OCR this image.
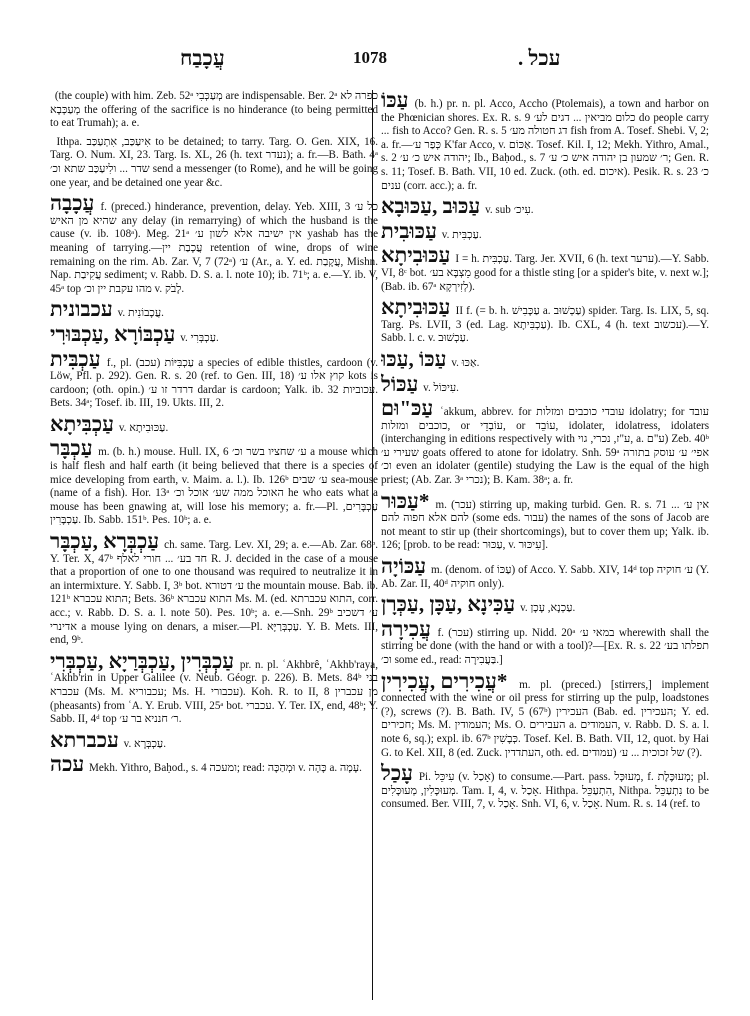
עֲכָבַח	1078	עכל .

(the couple) with him. Zeb. 52ᵃ מְעַכְּבִי are indispensable. Ber. 2ᵃ כפרה לא מְעַכְּבָא the offering of the sacrifice is no hinderance (to being permitted to eat Trumah); a. e.

Ithpa. אִיעַכַּב, אִתְעַכַּב to be detained; to tarry. Targ. O. Gen. XIX, 16. Targ. O. Num. XI, 23. Targ. Is. XL, 26 (h. text נעדר); a. fr.—B. Bath. 4ᵃ שדר ... ולִיעַכַּב שתא וכ׳ send a messenger (to Rome), and he will be going one year, and be detained one year &c.

עֲכָבָה f. (preced.) hinderance, prevention, delay. Yeb. XIII, 3 כל ע׳ שהיא מן האיש any delay (in remarrying) of which the husband is the cause (v. ib. 108ᵃ). Meg. 21ᵃ אין ישיבה אלא לשון ע׳ yashab has the meaning of tarrying.—עֲכָבַת יין retention of wine, drops of wine remaining on the rim. Ab. Zar. V, 7 (72ᵃ) ע׳ (Ar., a. Y. ed. עֲקָבַת, Mishn. Nap. עֲקִיבַת sediment; v. Rabb. D. S. a. l. note 10); ib. 71ᵇ; a. e.—Y. ib. V, 45ᵃ top מהו עקבת יין וכ׳ v. לָבֹק.

עכבונית v. עֲכָבוֹנִית.

עַכְבּוֹרָא ,עַכְבּוּרִי v. עַכְבְּרִי.

עַכְבִּית f., pl. עַכְבִּיּוֹת (עכב) a species of edible thistles, cardoon (v. Löw, Pfl. p. 292). Gen. R. s. 20 (ref. to Gen. III, 18) קוץ אלו ע׳ kots is cardoon; (oth. opin.) דרדר זו ע׳ dardar is cardoon; Yalk. ib. 32 עכוביות. Bets. 34ᵃ; Tosef. ib. III, 19. Ukts. III, 2.

עַכְבִּיתָא v. עַכּוּבִיתָא.

עַכְבָּר m. (b. h.) mouse. Hull. IX, 6 ע׳ שחציו בשר וכ׳ a mouse which is half flesh and half earth (it being believed that there is a species of mice developing from earth, v. Maim. a. l.). Ib. 126ᵇ ע׳ שבים sea-mouse (name of a fish). Hor. 13ᵃ האוכל ממה שע׳ אוכל וכ׳ he who eats what a mouse has been gnawing at, will lose his memory; a. fr.—Pl. עַכְבָּרִים, עַכְבָּרִין. Ib. Sabb. 151ᵇ. Pes. 10ᵇ; a. e.

עַכְבְּרָא ,עַכְבָּר ch. same. Targ. Lev. XI, 29; a. e.—Ab. Zar. 68ᵇ. Y. Ter. X, 47ᵇ חד בע׳ ... חורי לאלף R. J. decided in the case of a mouse that a proportion of one to one thousand was required to neutralize it in an intermixture. Y. Sabb. I, 3ᵇ bot. ע׳ דטורא the mountain mouse. Bab. ib. 121ᵇ התוא עכברא; Bets. 36ᵇ התוא עכברא Ms. M. (ed. התוא עכברתא, corr. acc.; v. Rabb. D. S. a. l. note 50). Pes. 10ᵇ; a. e.—Snh. 29ᵇ ע׳ דשכיב אדינרי a mouse lying on denars, a miser.—Pl. עַכְבְּרַיָּא. Y. B. Mets. III, end, 9ᵇ.

עַכְבְּרִין ,עַכְבְּרַיָא ,עַכְבְּרִי pr. n. pl. ʿAkhbrê, ʿAkhb'raya, ʿAkhb'rin in Upper Galilee (v. Neub. Géogr. p. 226). B. Mets. 84ᵇ בני עכברא (Ms. M. עכבוריא; Ms. H. עכבורי). Koh. R. to II, 8 מן עכברין (pheasants) from ʿA. Y. Erub. VIII, 25ᵃ bot. עכברי. Y. Ter. IX, end, 48ᵇ; Y. Sabb. II, 4ᵈ top ר׳ חנניא בר ע׳.

עכברתא v. עַכְבְּרָא.

עכה Mekh. Yithro, Baḥod., s. 4 ומעכה; read: וּמְהַכָּה v. כָּהָה a. עָמָה.

עַכּוֹ (b. h.) pr. n. pl. Acco, Accho (Ptolemais), a town and harbor on the Phœnician shores. Ex. R. s. 9 כלום מביאין ... דגים לע׳ do people carry ... fish to Acco? Gen. R. s. 5 דג חטולה מע׳ fish from A. Tosef. Shebi. V, 2; a. fr.—כְּפַר ע׳ K'far Acco, v. אַכּוֹם. Tosef. Kil. I, 12; Mekh. Yithro, Amal., s. 2 יהודה איש כ׳ ע׳; Ib., Baḥod., s. 7 ר׳ שמעון בן יהודה איש כ׳ ע׳; Gen. R. s. 11; Tosef. B. Bath. VII, 10 ed. Zuck. (oth. ed. איכום). Pesik. R. s. 23 כ׳ ענים (corr. acc.); a. fr.

עַכּוּב ,עַכּוּבָא v. sub עִיכ׳.

עַכּוּבִית v. עַכְבִּית.

עַכּוּבִיתָא I = h. עַכְבִּית. Targ. Jer. XVII, 6 (h. text ערער).—Y. Sabb. VI, 8ᶜ bot. מֵצְבָּא בע׳ good for a thistle sting [or a spider's bite, v. next w.]; (Bab. ib. 67ᵃ לְזִירְקָא).

עַכּוּבִיתָא II f. (= b. h. עַכָּבִישׁ a. עַכְשׁוּב) spider. Targ. Is. LIX, 5, sq. Targ. Ps. LVII, 3 (ed. Lag. עַכְבִּיתָא). Ib. CXL, 4 (h. text עכשוב).—Y. Sabb. l. c. v. עַכְשׁוּב.

עַכּוֹ ,עַכּוּ v. אַכּוּ.

עַכּוֹל v. עִיכּוֹל.

עַכּ"וּם ʿakkum, abbrev. for עובדי כוכבים ומזלות idolatry; for עובד כוכבים ומזלות, or עוֹבְדֵי, or עוֹבֵד, idolater, idolatress, idolaters (interchanging in editions respectively with ע"ז, נכרי, גוי, a. ע"ם) Zeb. 40ᵇ שעירי ע׳ goats offered to atone for idolatry. Snh. 59ᵃ אפי׳ ע׳ עוסק בתורה וכ׳ even an idolater (gentile) studying the Law is the equal of the high priest; (Ab. Zar. 3ᵃ נכרי); B. Kam. 38ᵃ; a. fr.

*עַכּוּר m. (עכר) stirring up, making turbid. Gen. R. s. 71 אין ע׳ ... להם אלא חפוה להם (some eds. עבור) the names of the sons of Jacob are not meant to stir up (their shortcomings), but to cover them up; Yalk. ib. 126; [prob. to be read: עַכּוּר, v. עִיכּוּר].

עַכּוֹיָה m. (denom. of עַכּוֹ) of Acco. Y. Sabb. XIV, 14ᵈ top ע׳ חוקיה (Y. Ab. Zar. II, 40ᵈ חוקיה only).

עַכִּינָא ,עַכָּן ,עַכְּרָן v. עַכְנָא, עָכָן.

עֲכִירָה f. (עכר) stirring up. Nidd. 20ᵃ במאי ע׳ wherewith shall the stirring be done (with the hand or with a tool)?—[Ex. R. s. 22 תפלתו בע׳ וכ׳ some ed., read: בַּעֲבִירָה.]

*עֲכִירִים ,עֲכִירִין m. pl. (preced.) [stirrers,] implement connected with the wine or oil press for stirring up the pulp, loadstones (?), screws (?). B. Bath. IV, 5 (67ᵇ) העכירין (Bab. ed. העכירין; Y. ed. חכירים; Ms. M. העמודין; Ms. O. העבירים a. העמודים, v. Rabb. D. S. a. l. note 6, sq.); expl. ib. 67ᵇ כְּבָשִׁין. Tosef. Kel. B. Bath. VII, 12, quot. by Hai G. to Kel. XII, 8 (ed. Zuck. העתדדין, oth. ed. עמודים) של זכוכית ... ע׳ (?).

עָכַל Pi. עִיכֵּל (v. אָכַל) to consume.—Part. pass. מְעוּכָּל, f. מְעוּכֶּלֶת; pl. מְעוּכָּלִין, מְעוּכָּלִים. Tam. I, 4, v. אָכַל. Hithpa. הִתְעַכֵּל, Nithpa. נִתְעַכֵּל to be consumed. Ber. VIII, 7, v. אָכַל. Snh. VI, 6, v. אָכַל. Num. R. s. 14 (ref. to
